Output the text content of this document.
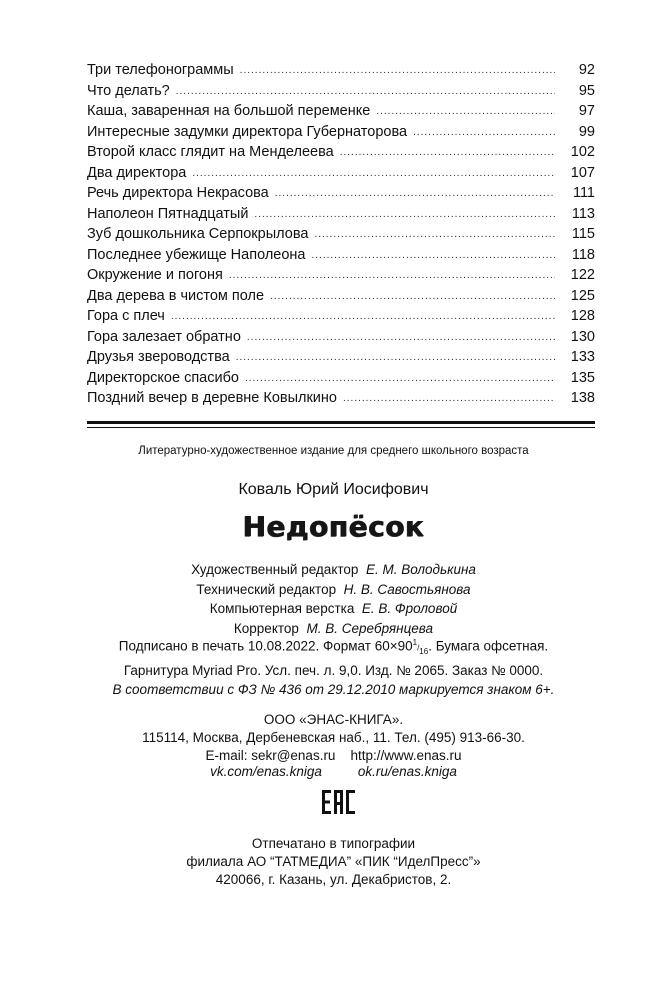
Три телефонограммы .....	92
Что делать? .....	95
Каша, заваренная на большой переменке .....	97
Интересные задумки директора Губернаторова .....	99
Второй класс глядит на Менделеева .....	102
Два директора .....	107
Речь директора Некрасова .....	111
Наполеон Пятнадцатый .....	113
Зуб дошкольника Серпокрылова .....	115
Последнее убежище Наполеона .....	118
Окружение и погоня .....	122
Два дерева в чистом поле .....	125
Гора с плеч .....	128
Гора залезает обратно .....	130
Друзья звероводства .....	133
Директорское спасибо .....	135
Поздний вечер в деревне Ковылкино .....	138
Литературно-художественное издание для среднего школьного возраста
Коваль Юрий Иосифович
Недопёсок
Художественный редактор Е. М. Володькина
Технический редактор Н. В. Савостьянова
Компьютерная верстка Е. В. Фроловой
Корректор М. В. Серебрянцева
Подписано в печать 10.08.2022. Формат $60\times 90^1/_{16}$. Бумага офсетная.
Гарнитура Myriad Pro. Усл. печ. л. 9,0. Изд. № 2065. Заказ № 0000.
В соответствии с ФЗ № 436 от 29.12.2010 маркируется знаком 6+.
ООО «ЭНАС-КНИГА».
115114, Москва, Дербеневская наб., 11. Тел. (495) 913-66-30.
E-mail: sekr@enas.ru http://www.enas.ru
vk.com/enas.kniga	ok.ru/enas.kniga
Отпечатано в типографии
филиала АО “ТАТМЕДИА” «ПИК “ИделПресс”»
420066, г. Казань, ул. Декабристов, 2.
